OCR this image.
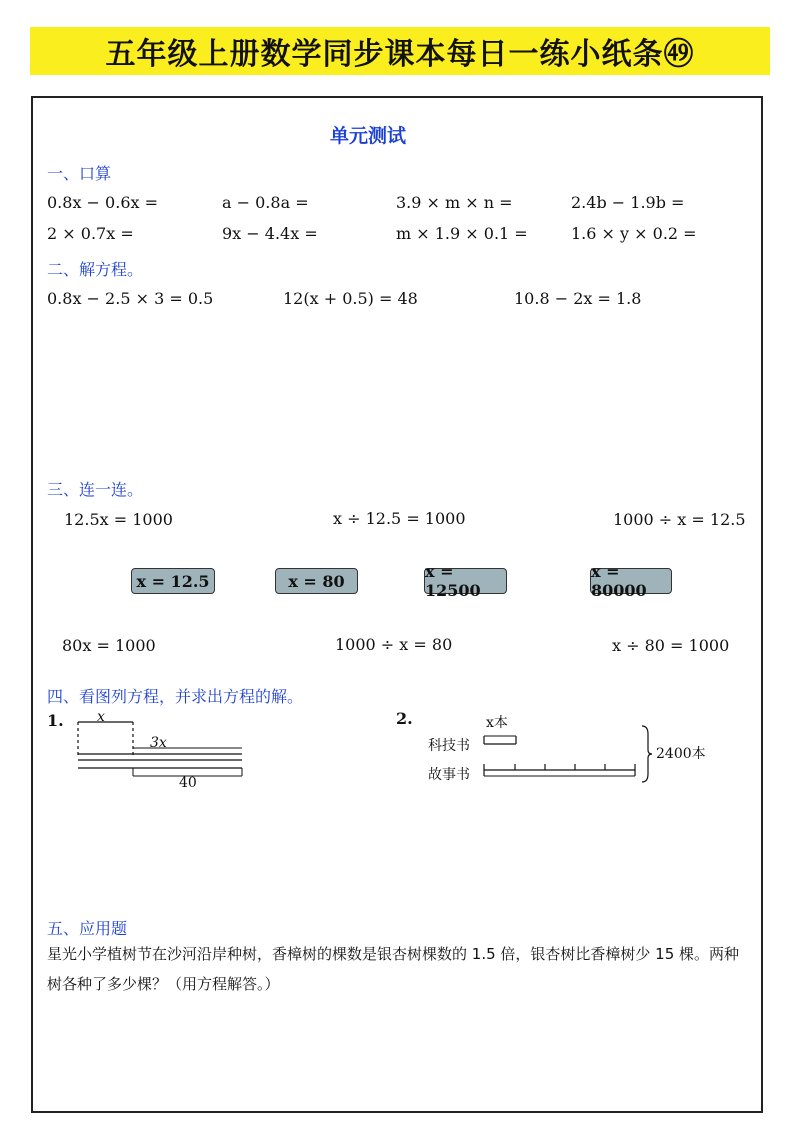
五年级上册数学同步课本每日一练小纸条㊾
单元测试
一、口算
0.8x − 0.6x =	a − 0.8a =	3.9 × m × n =	2.4b − 1.9b =
2 × 0.7x =	9x − 4.4x =	m × 1.9 × 0.1 =	1.6 × y × 0.2 =
二、解方程。
0.8x − 2.5 × 3 = 0.5	12(x + 0.5) = 48	10.8 − 2x = 1.8
三、连一连。
12.5x = 1000	x ÷ 12.5 = 1000	1000 ÷ x = 12.5
x = 12.5	x = 80	x = 12500
x = 80000
80x = 1000	1000 ÷ x = 80	x ÷ 80 = 1000
四、看图列方程，并求出方程的解。
1. x
3x
40
2.	x本
科技书
故事书
2400本
五、应用题
星光小学植树节在沙河沿岸种树，香樟树的棵数是银杏树棵数的 1.5 倍，银杏树比香樟树少 15 棵。两种树各种了多少棵？（用方程解答。）
